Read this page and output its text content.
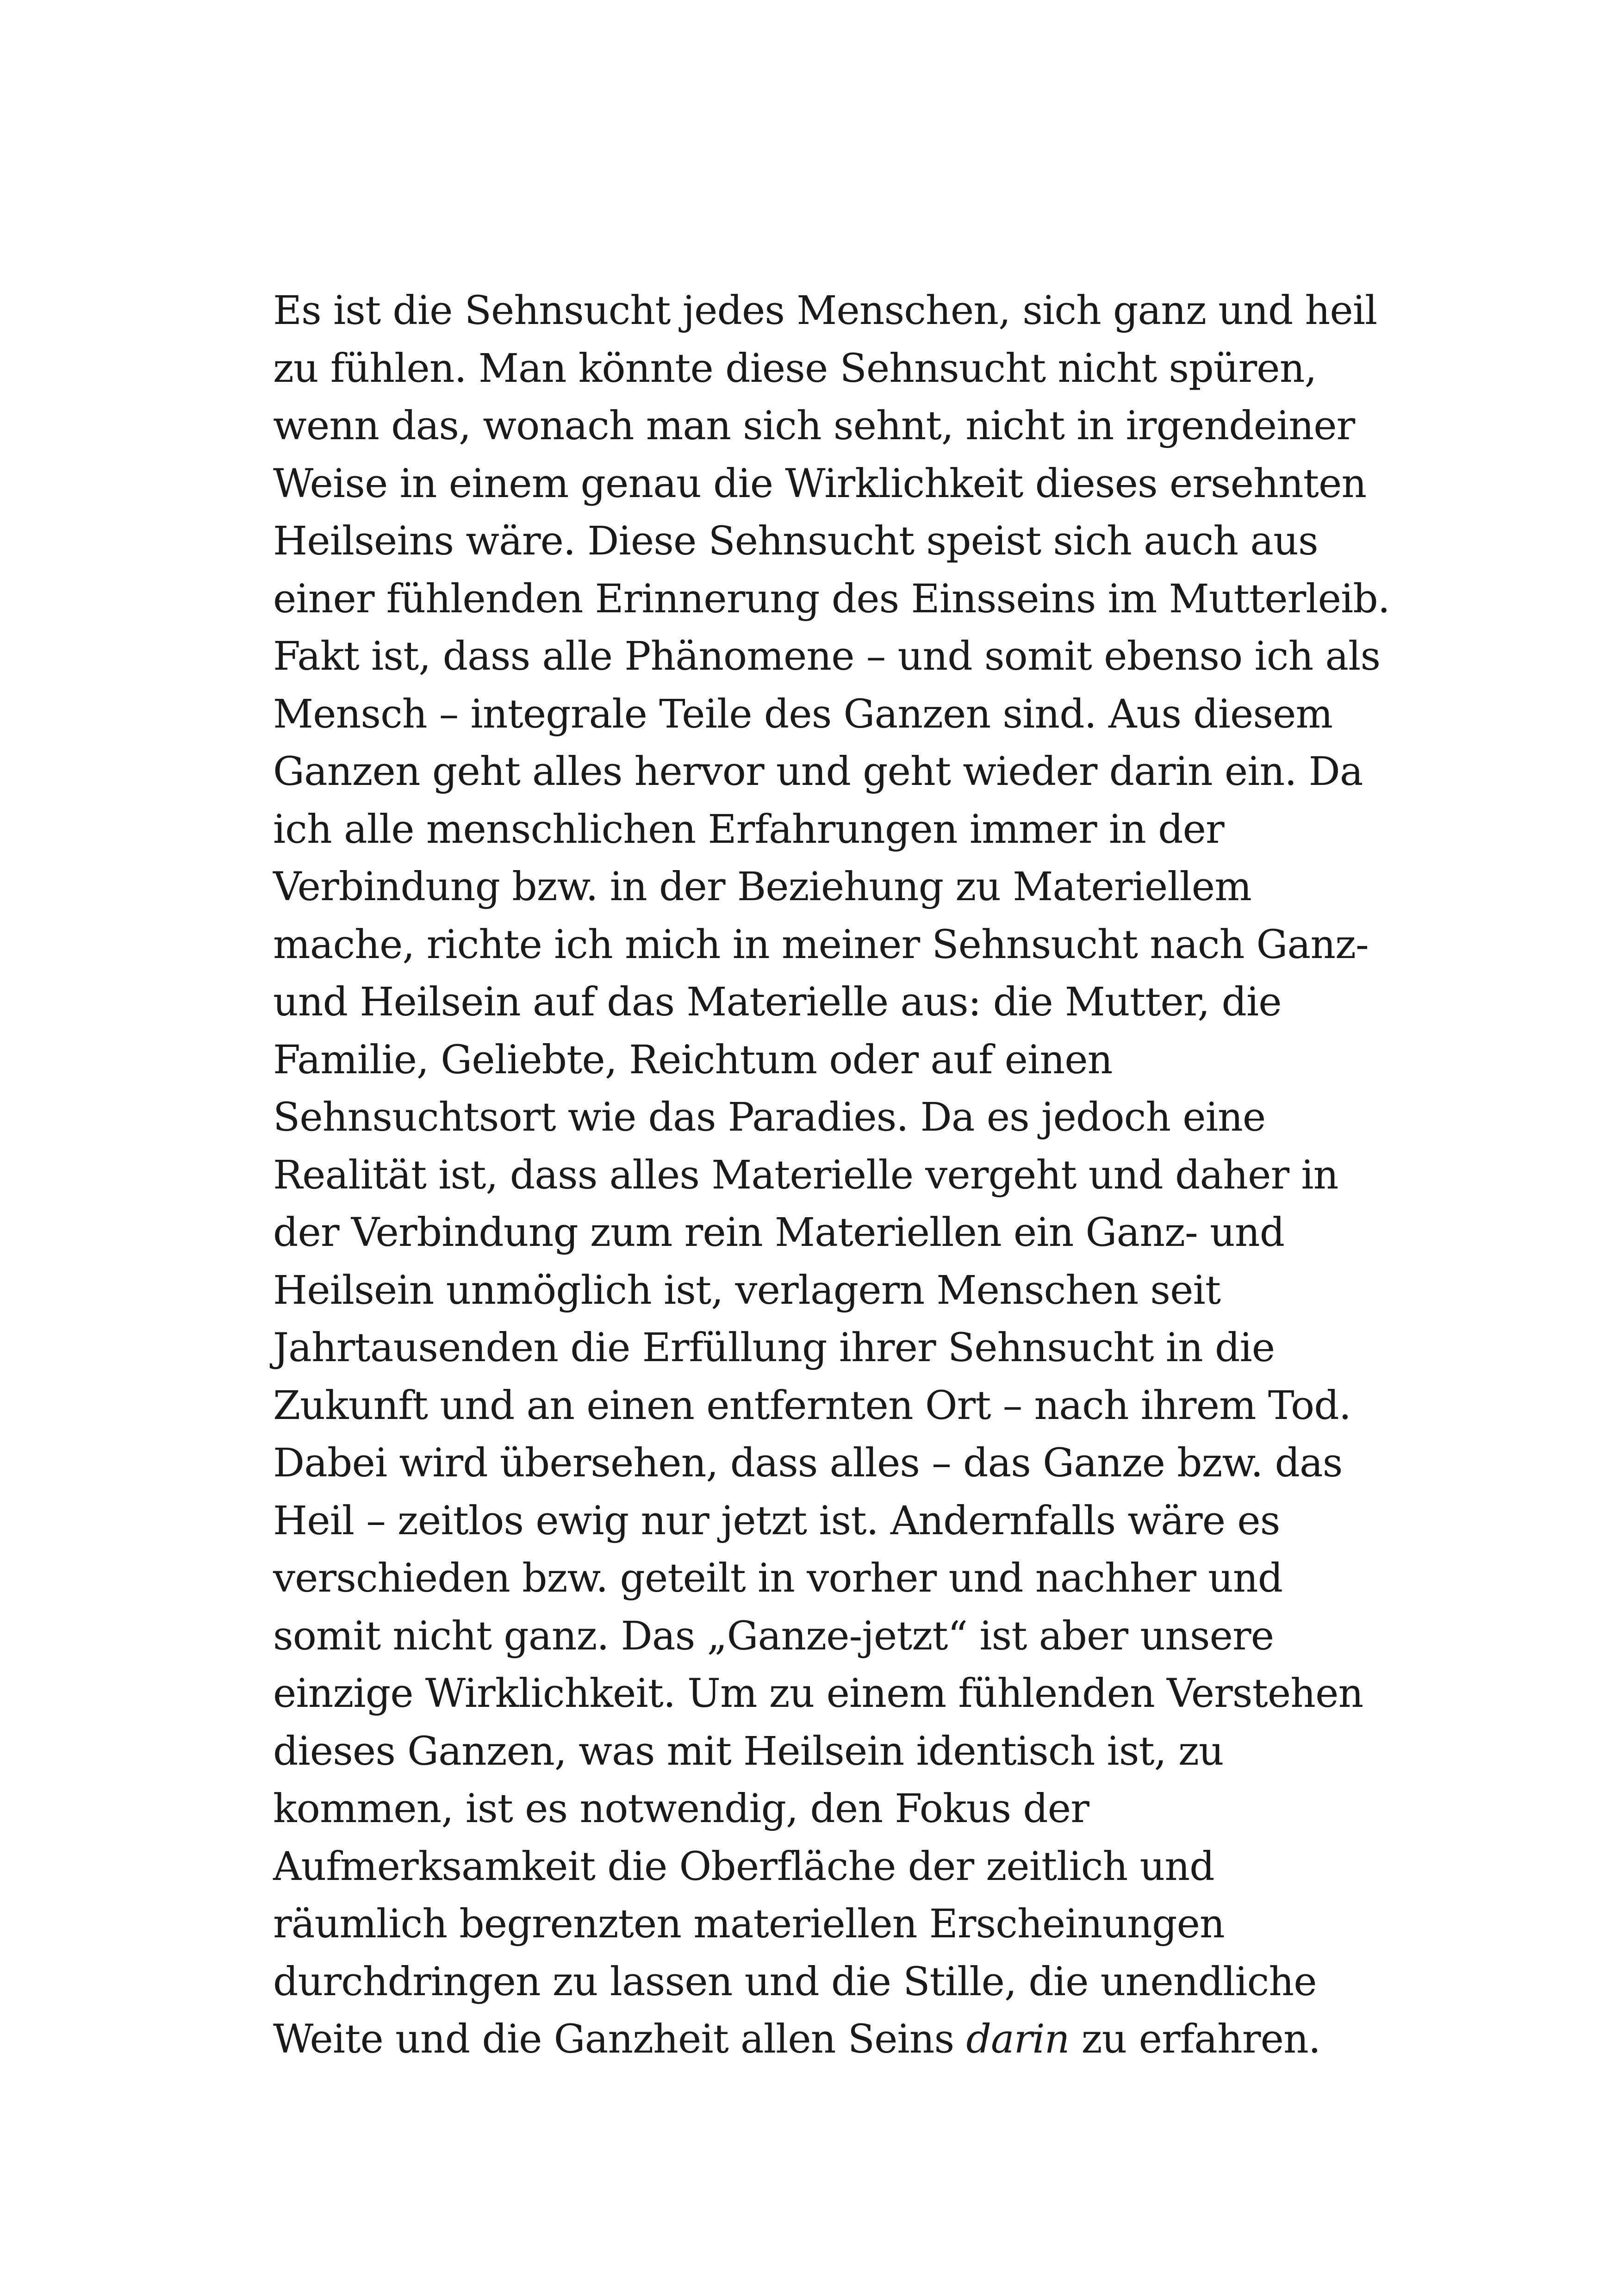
Es ist die Sehnsucht jedes Menschen, sich ganz und heil
zu fühlen. Man könnte diese Sehnsucht nicht spüren,
wenn das, wonach man sich sehnt, nicht in irgendeiner
Weise in einem genau die Wirklichkeit dieses ersehnten
Heilseins wäre. Diese Sehnsucht speist sich auch aus
einer fühlenden Erinnerung des Einsseins im Mutterleib.
Fakt ist, dass alle Phänomene – und somit ebenso ich als
Mensch – integrale Teile des Ganzen sind. Aus diesem
Ganzen geht alles hervor und geht wieder darin ein. Da
ich alle menschlichen Erfahrungen immer in der
Verbindung bzw. in der Beziehung zu Materiellem
mache, richte ich mich in meiner Sehnsucht nach Ganz-
und Heilsein auf das Materielle aus: die Mutter, die
Familie, Geliebte, Reichtum oder auf einen
Sehnsuchtsort wie das Paradies. Da es jedoch eine
Realität ist, dass alles Materielle vergeht und daher in
der Verbindung zum rein Materiellen ein Ganz- und
Heilsein unmöglich ist, verlagern Menschen seit
Jahrtausenden die Erfüllung ihrer Sehnsucht in die
Zukunft und an einen entfernten Ort – nach ihrem Tod.
Dabei wird übersehen, dass alles – das Ganze bzw. das
Heil – zeitlos ewig nur jetzt ist. Andernfalls wäre es
verschieden bzw. geteilt in vorher und nachher und
somit nicht ganz. Das „Ganze-jetzt“ ist aber unsere
einzige Wirklichkeit. Um zu einem fühlenden Verstehen
dieses Ganzen, was mit Heilsein identisch ist, zu
kommen, ist es notwendig, den Fokus der
Aufmerksamkeit die Oberfläche der zeitlich und
räumlich begrenzten materiellen Erscheinungen
durchdringen zu lassen und die Stille, die unendliche
Weite und die Ganzheit allen Seins darin zu erfahren.
